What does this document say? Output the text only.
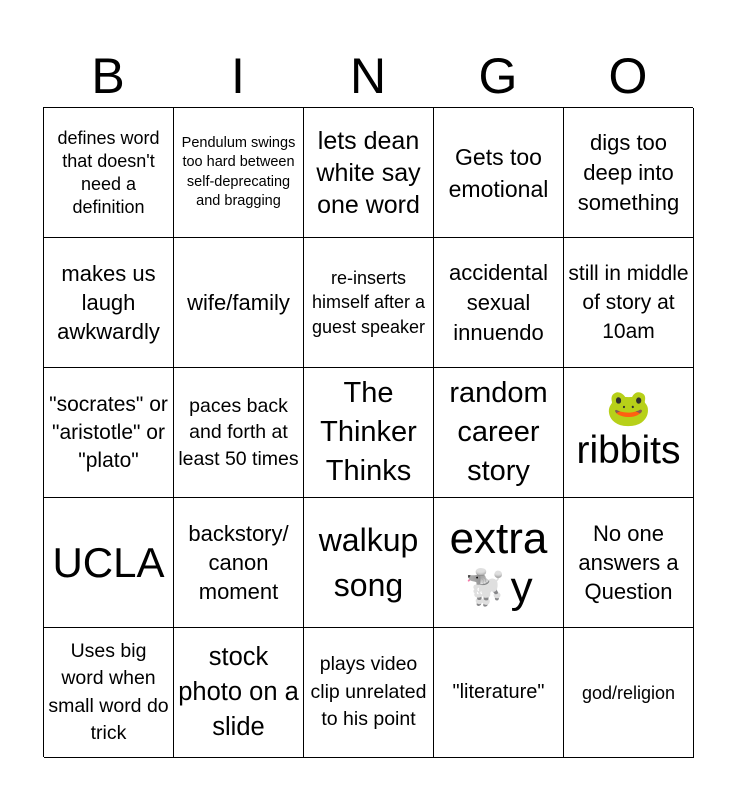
B	I	N	G	O
defines word that doesn't need a definition
Pendulum swings too hard between self-deprecating and bragging
lets dean white say one word
Gets too emotional
digs too deep into something
makes us laugh awkwardly
wife/family
re-inserts himself after a guest speaker
accidental sexual innuendo
still in middle of story at 10am
"socrates" or "aristotle" or "plato"
paces back and forth at least 50 times
The Thinker Thinks
random career story
🐸
ribbits
UCLA
backstory/ canon moment
walkup song
extra
🐩 y
No one answers a Question
Uses big word when small word do trick
stock photo on a slide
plays video clip unrelated to his point
"literature" god/religion
